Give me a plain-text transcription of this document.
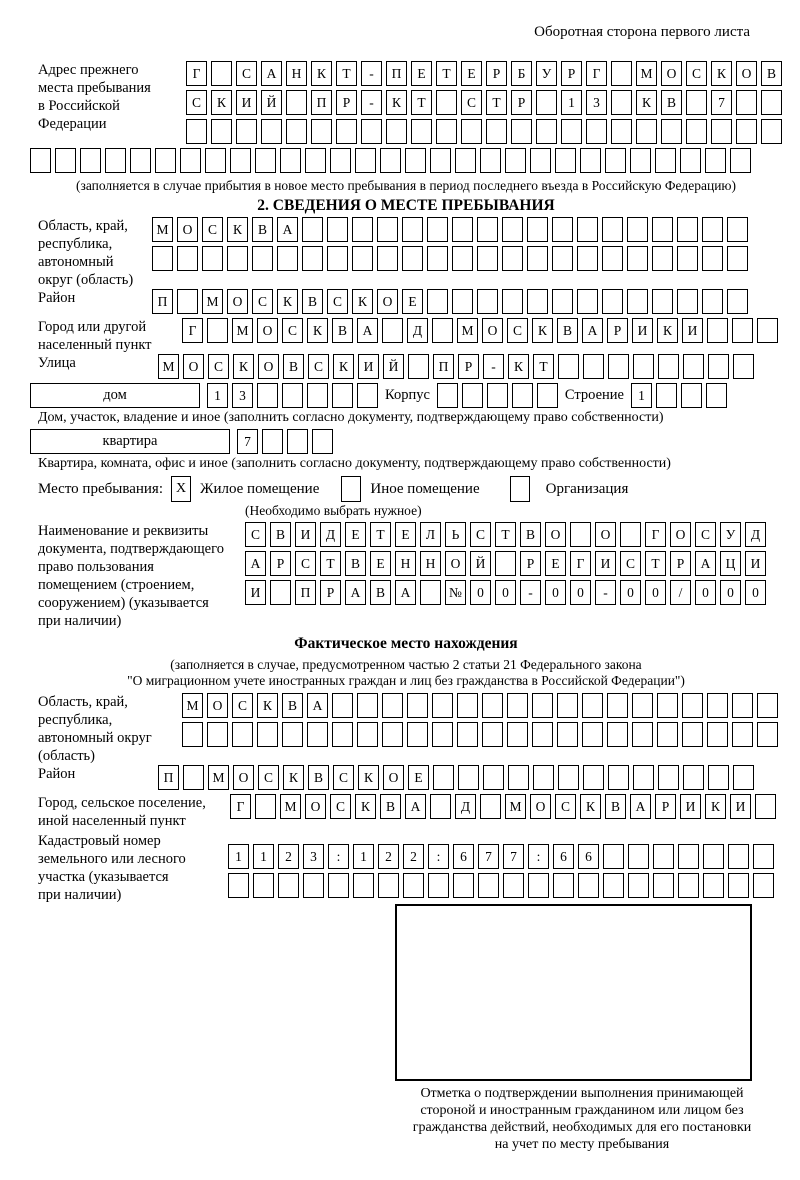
Оборотная сторона первого листа
Адрес прежнего
места пребывания
в Российской
Федерации
Г	С	А	Н	К	Т	-	П	Е	Т	Е	Р	Б	У	Р	Г	М	О	С	К	О	В
С	К	И	Й	П	Р	-	К	Т	С	Т	Р	1	3	К	В	7
(заполняется в случае прибытия в новое место пребывания в период последнего въезда в Российскую Федерацию)
2. СВЕДЕНИЯ О МЕСТЕ ПРЕБЫВАНИЯ
Область, край,
республика,
автономный
округ (область)
М	О	С	К	В	А
Район	П	М	О	С	К	В	С	К	О	Е
Город или другой
населенный пункт
Г	М	О	С	К	В	А	Д	М	О	С	К	В	А	Р	И	К	И
Улица	М	О	С	К	О	В	С	К	И	Й	П	Р	-	К	Т
дом	1	3	Корпус	Строение	1
Дом, участок, владение и иное (заполнить согласно документу, подтверждающему право собственности)
квартира	7
Квартира, комната, офис и иное (заполнить согласно документу, подтверждающему право собственности)
Место пребывания: X Жилое помещение	Иное помещение	Организация
(Необходимо выбрать нужное)
Наименование и реквизиты
документа, подтверждающего
право пользования
помещением (строением,
сооружением) (указывается
при наличии)
С	В	И	Д	Е	Т	Е	Л	Ь	С	Т	В	О	О	Г	О	С	У	Д
А	Р	С	Т	В	Е	Н	Н	О	Й	Р	Е	Г	И	С	Т	Р	А	Ц	И
И	П	Р	А	В	А	№	0	0	-	0	0	-	0	0	/	0	0	0
Фактическое место нахождения
(заполняется в случае, предусмотренном частью 2 статьи 21 Федерального закона
"О миграционном учете иностранных граждан и лиц без гражданства в Российской Федерации")
Область, край,
республика,
автономный округ
(область)
М	О	С	К	В	А
Район	П	М	О	С	К	В	С	К	О	Е
Город, сельское поселение,
иной населенный пункт
Г	М	О	С	К	В	А	Д	М	О	С	К	В	А	Р	И	К	И
Кадастровый номер
земельного или лесного
участка (указывается
при наличии)
1	1	2	3	:	1	2	2	:	6	7	7	:	6	6
Отметка о подтверждении выполнения принимающей
стороной и иностранным гражданином или лицом без
гражданства действий, необходимых для его постановки
на учет по месту пребывания
